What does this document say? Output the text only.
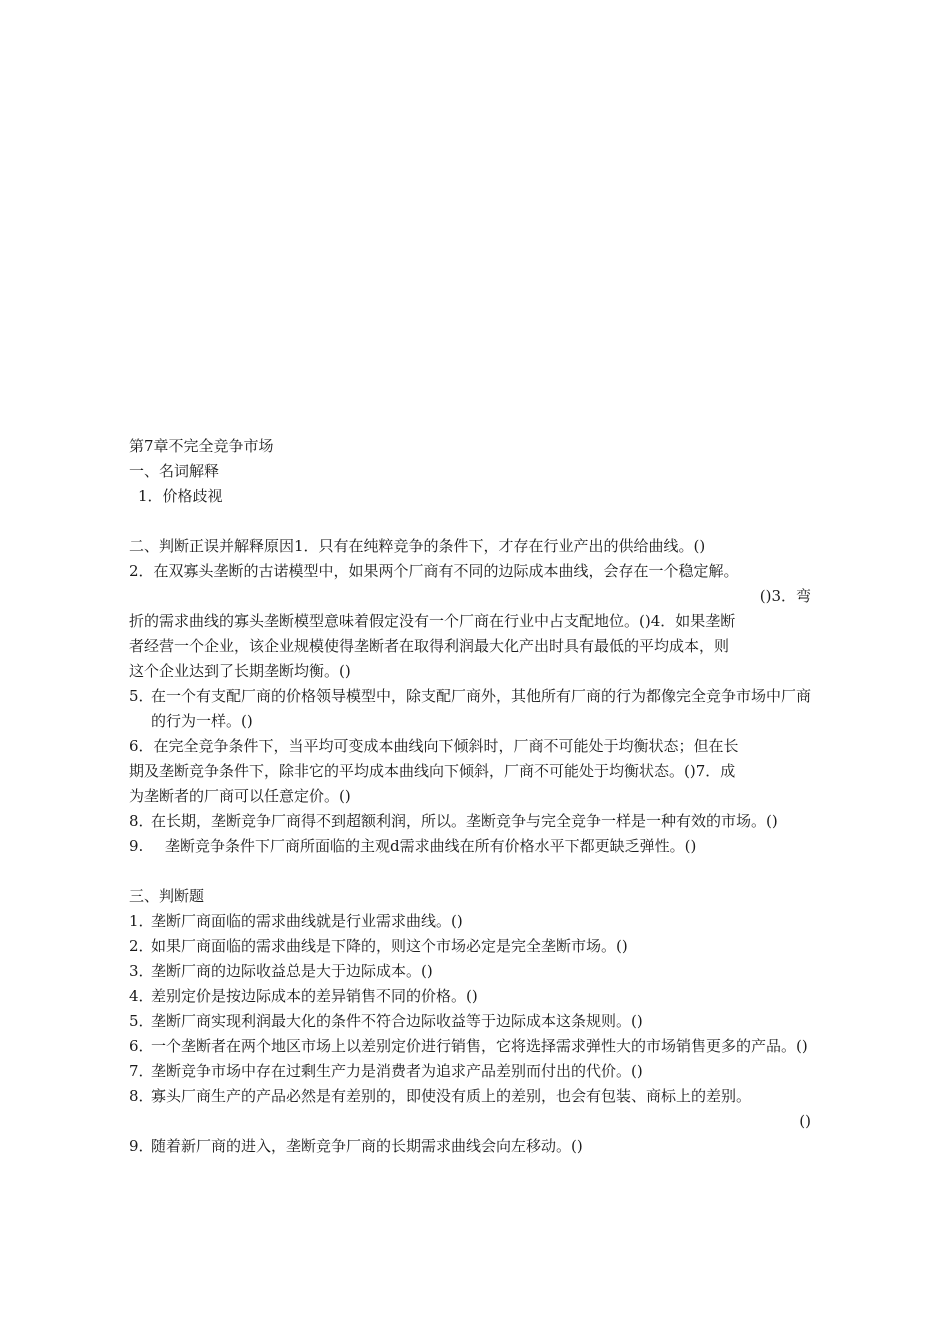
第7章不完全竞争市场
一、名词解释
1．价格歧视
二、判断正误并解释原因1．只有在纯粹竞争的条件下，才存在行业产出的供给曲线。()
2．在双寡头垄断的古诺模型中，如果两个厂商有不同的边际成本曲线，会存在一个稳定解。
()3．弯
折的需求曲线的寡头垄断模型意味着假定没有一个厂商在行业中占支配地位。()4．如果垄断
者经营一个企业，该企业规模使得垄断者在取得利润最大化产出时具有最低的平均成本，则
这个企业达到了长期垄断均衡。()
5．
在一个有支配厂商的价格领导模型中，除支配厂商外，其他所有厂商的行为都像完全竞争市场中厂商的行为一样。()
6．在完全竞争条件下，当平均可变成本曲线向下倾斜时，厂商不可能处于均衡状态；但在长
期及垄断竞争条件下，除非它的平均成本曲线向下倾斜，厂商不可能处于均衡状态。()7．成
为垄断者的厂商可以任意定价。()
8．
在长期，垄断竞争厂商得不到超额利润，所以。垄断竞争与完全竞争一样是一种有效的市场。()
9.	垄断竞争条件下厂商所面临的主观d需求曲线在所有价格水平下都更缺乏弹性。()
三、判断题
1．
垄断厂商面临的需求曲线就是行业需求曲线。()
2．
如果厂商面临的需求曲线是下降的，则这个市场必定是完全垄断市场。()
3．
垄断厂商的边际收益总是大于边际成本。()
4．
差别定价是按边际成本的差异销售不同的价格。()
5．
垄断厂商实现利润最大化的条件不符合边际收益等于边际成本这条规则。()
6．
一个垄断者在两个地区市场上以差别定价进行销售，它将选择需求弹性大的市场销售更多的产品。()
7．
垄断竞争市场中存在过剩生产力是消费者为追求产品差别而付出的代价。()
8．
寡头厂商生产的产品必然是有差别的，即使没有质上的差别，也会有包装、商标上的差别。
()
9．
随着新厂商的进入，垄断竞争厂商的长期需求曲线会向左移动。()
